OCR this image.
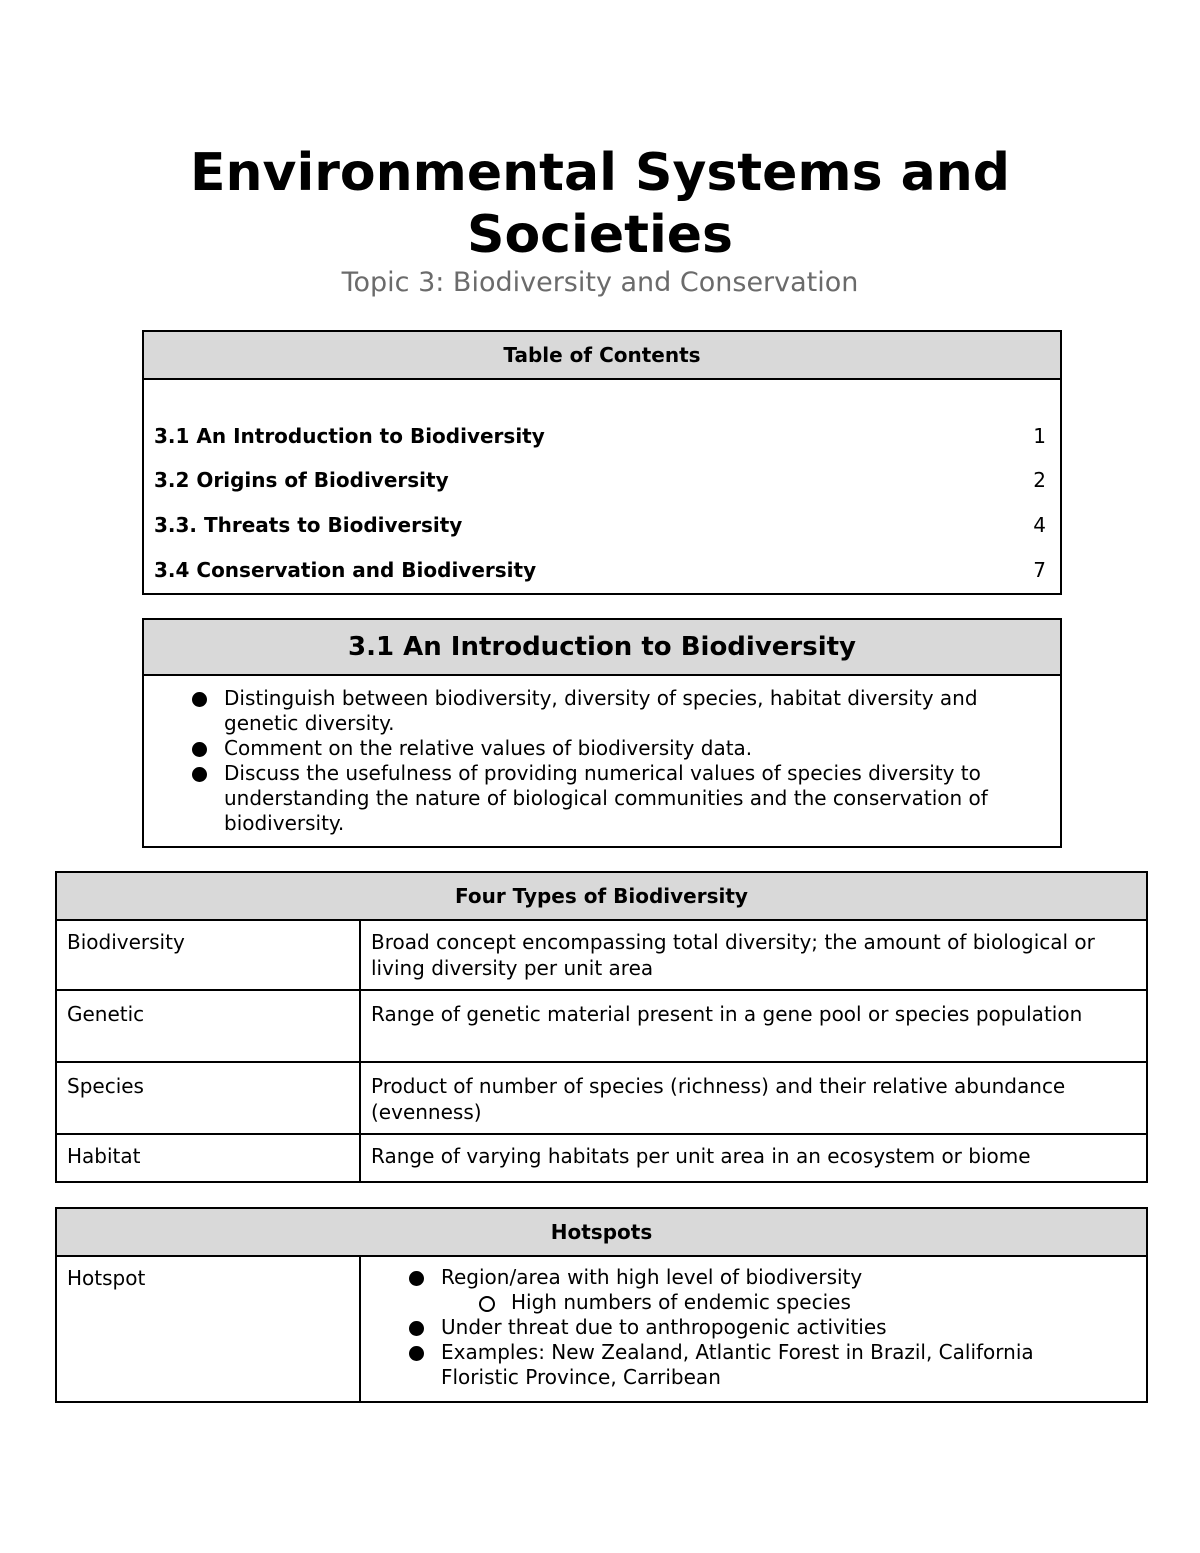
Environmental Systems and
Societies
Topic 3: Biodiversity and Conservation
Table of Contents
3.1 An Introduction to Biodiversity	1
3.2 Origins of Biodiversity	2
3.3. Threats to Biodiversity	4
3.4 Conservation and Biodiversity	7
3.1 An Introduction to Biodiversity
Distinguish between biodiversity, diversity of species, habitat diversity and genetic diversity.
Comment on the relative values of biodiversity data.
Discuss the usefulness of providing numerical values of species diversity to understanding the nature of biological communities and the conservation of biodiversity.
Four Types of Biodiversity
Biodiversity	Broad concept encompassing total diversity; the amount of biological or living diversity per unit area
Genetic	Range of genetic material present in a gene pool or species population
Species	Product of number of species (richness) and their relative abundance (evenness)
Habitat	Range of varying habitats per unit area in an ecosystem or biome
Hotspots
Hotspot	Region/area with high level of biodiversity
High numbers of endemic species
Under threat due to anthropogenic activities
Examples: New Zealand, Atlantic Forest in Brazil, California Floristic Province, Carribean
